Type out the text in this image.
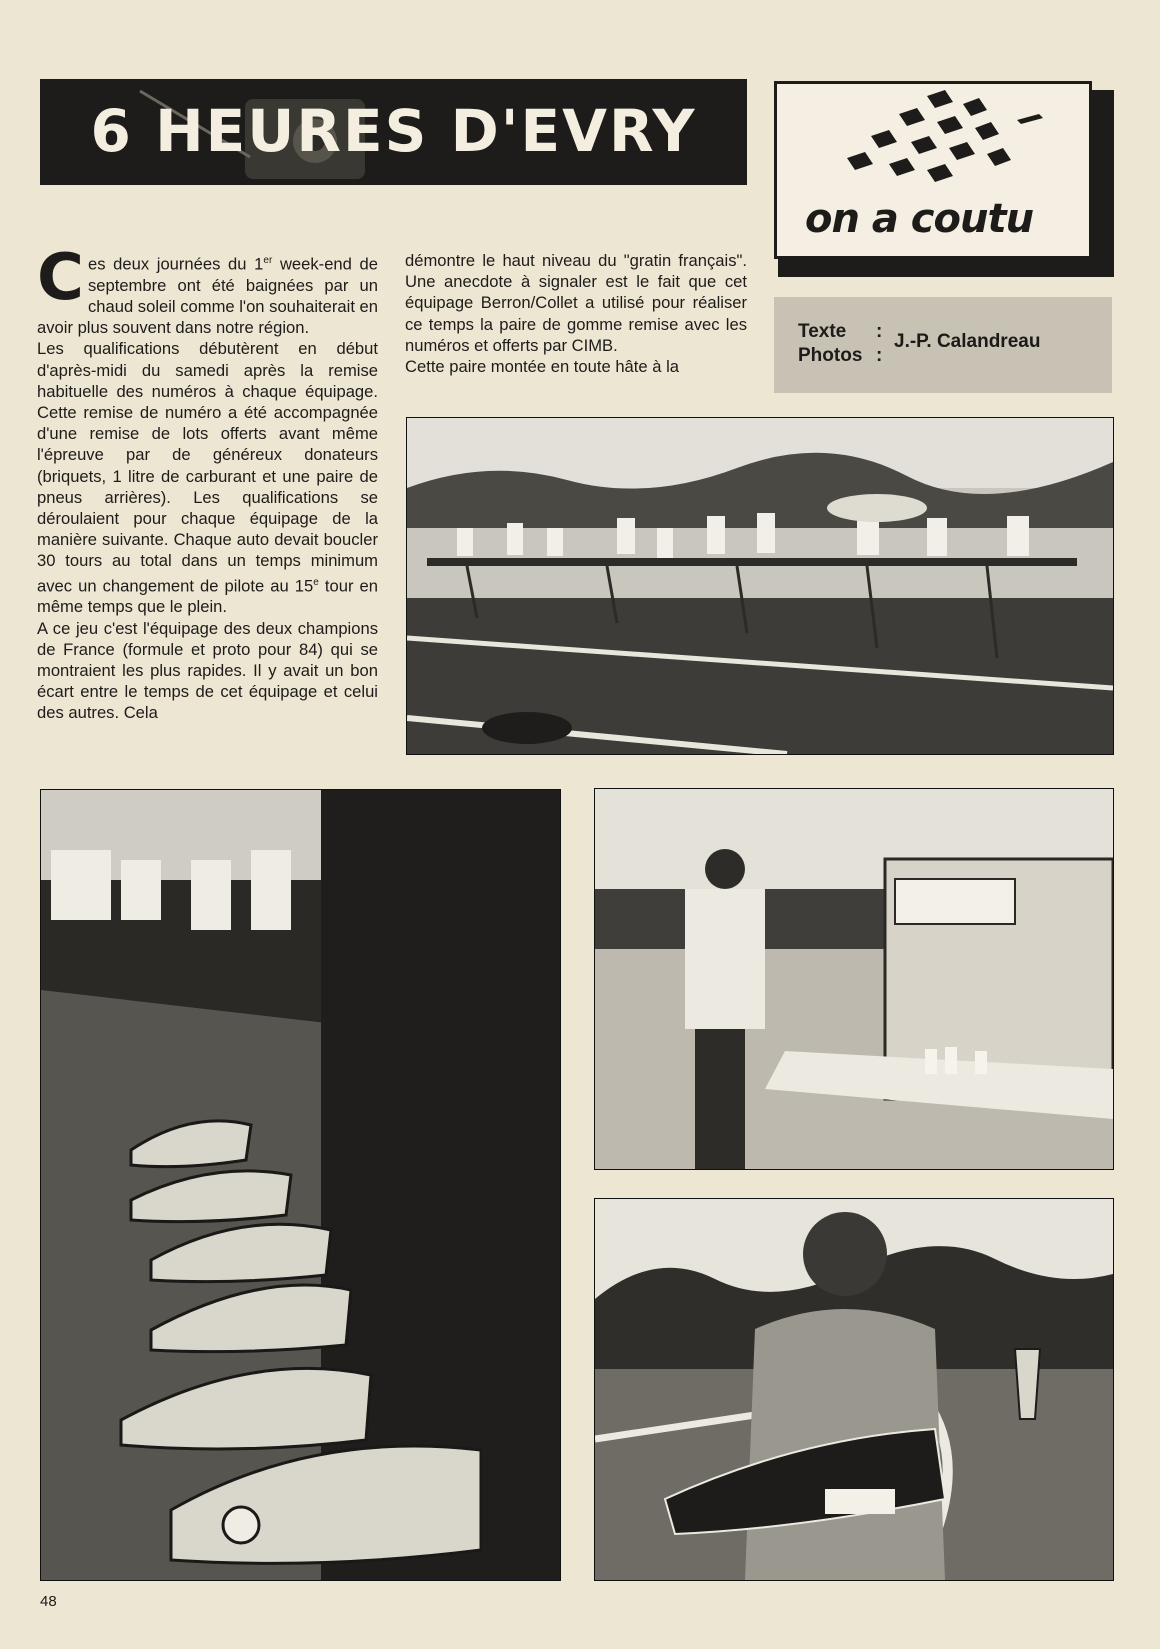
6 HEURES D'EVRY
on a coutu
Texte :
Photos :
J.-P. Calandreau

Ces deux journées du 1er week-end de septembre ont été baignées par un chaud soleil comme l'on souhaiterait en avoir plus souvent dans notre région.

Les qualifications débutèrent en début d'après-midi du samedi après la remise habituelle des numéros à chaque équipage. Cette remise de numéro a été accompagnée d'une remise de lots offerts avant même l'épreuve par de généreux donateurs (briquets, 1 litre de carburant et une paire de pneus arrières). Les qualifications se déroulaient pour chaque équipage de la manière suivante. Chaque auto devait boucler 30 tours au total dans un temps minimum avec un changement de pilote au 15e tour en même temps que le plein.

A ce jeu c'est l'équipage des deux champions de France (formule et proto pour 84) qui se montraient les plus rapides. Il y avait un bon écart entre le temps de cet équipage et celui des autres. Cela

démontre le haut niveau du "gratin français". Une anecdote à signaler est le fait que cet équipage Berron/Collet a utilisé pour réaliser ce temps la paire de gomme remise avec les numéros et offerts par CIMB.

Cette paire montée en toute hâte à la

48
